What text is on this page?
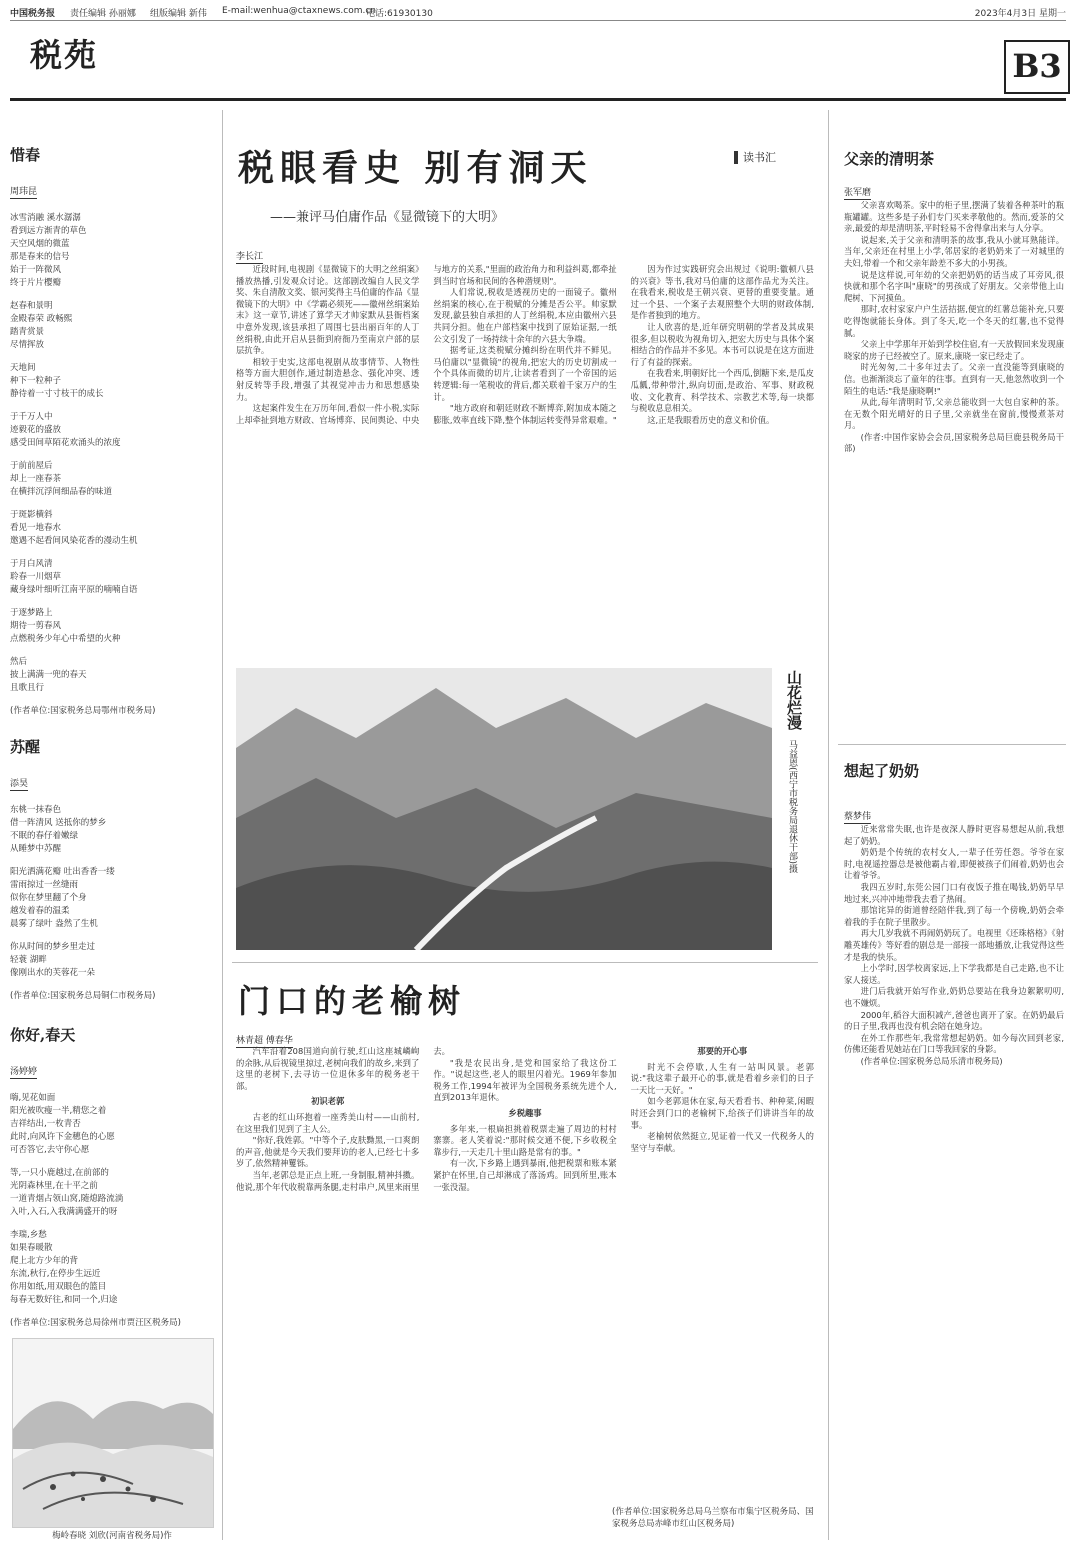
中国税务报 责任编辑 孙丽娜 组版编辑 新伟 E-mail:wenhua@ctaxnews.com.cn
电话:61930130	2023年4月3日 星期一
税苑	B3
惜春
周玮昆
冰雪消融 溪水潺潺
看到远方渐青的草色
天空风烟的微蓝
那是春来的信号
始于一阵微风
终于片片樱瓣
赵春和景明
金殿春荣 政畅熙
踏青赏景
尽情挥放
天地间
种下一粒种子
静待着一寸寸枝干的成长
于千万人中
迹毅花的盛放
感受田间草陌花欢涌头的浓度
于前前屋后
却上一座春茶
在横拌沉浮间细品春的味道
于斑影横斜
看见一地春水
邀遇不起看间风染花香的漫动生机
于月白风清
聆春一川烟草
藏身绿叶细听江南平原的喃喃自语
于逐梦路上
期待一剪春风
点燃税务少年心中希望的火种
然后
披上满满一兜的春天
且歌且行
(作者单位:国家税务总局鄂州市税务局)
苏醒
添昊
东桃一抹春色
借一阵清风 送抵你的梦乡
不眠的春仔着嫩绿
从睡梦中苏醒
阳光洒满花瓣 吐出香香一缕
雷雨掠过一丝缝雨
似你在梦里翻了个身
越发着春的温柔
晨雾了绿叶 盎然了生机
你从时间的梦乡里走过
轻蓑 湖畔
像刚出水的芙蓉花一朵
(作者单位:国家税务总局铜仁市税务局)
你好,春天
汤婷婷
嗨,见花如面
阳光被吹瘦一半,精您之着
吉祥结出,一枚青否
此时,向风许下金穗色的心愿
可否答它,去守你心愿
等,一只小鹿越过,在前部的
光阴森林里,在十平之前
一道青烟占领山窝,随熄路流淌
入叶,入石,入我满满盛开的呀
李瑞,乡愁
如果春暖散
爬上北方少年的背
东流,秋行,在停步生远近
你用如纸,用双眼色的篮目
每春无数好往,和同一个,归途
(作者单位:国家税务总局徐州市贾汪区税务局)
梅岭春晓 刘欣(河南省税务局)作
读书汇
税眼看史 别有洞天
——兼评马伯庸作品《显微镜下的大明》
李长江

近段时间,电视剧《显微镜下的大明之丝绢案》播放热播,引发观众讨论。这部剧改编自人民文学奖、朱自清散文奖、银河奖得主马伯庸的作品《显微镜下的大明》中《学霸必须死——徽州丝绢案始末》这一章节,讲述了算学天才帅家默从县衙档案中意外发现,该县承担了周围七县出丽百年的人丁丝绢税,由此开启从县衙到府衙乃至南京户部的层层抗争。

相较于史实,这部电视剧从故事情节、人物性格等方面大胆创作,通过制造悬念、强化冲突、透射反转等手段,增强了其视觉冲击力和思想感染力。

这起案件发生在万历年间,看似一件小税,实际上却牵扯到地方财政、官场博弈、民间舆论、中央与地方的关系,"里面的政治角力和利益纠葛,都牵扯到当时官场和民间的各种潜规则"。

人们常说,税收是透视历史的一面镜子。徽州丝绢案的核心,在于税赋的分摊是否公平。帅家默发现,歙县独自承担的人丁丝绢税,本应由徽州六县共同分担。他在户部档案中找到了原始证据,一纸公文引发了一场持续十余年的六县大争端。

据考证,这类税赋分摊纠纷在明代并不鲜见。马伯庸以"显微镜"的视角,把宏大的历史切割成一个个具体而微的切片,让读者看到了一个帝国的运转逻辑:每一笔税收的背后,都关联着千家万户的生计。

"地方政府和朝廷财政不断博弈,附加成本随之膨胀,效率直线下降,整个体制运转变得异常艰难。"

因为作过实践研究会出规过《说明:徽顿八县的兴衰》等书,我对马伯庸的这部作品尤为关注。在我看来,税收是王朝兴衰、更替的重要变量。通过一个县、一个案子去观照整个大明的财政体制,是作者独到的地方。

让人欣喜的是,近年研究明朝的学者及其成果很多,但以税收为视角切入,把宏大历史与具体个案相结合的作品并不多见。本书可以说是在这方面进行了有益的探索。

在我看来,明朝好比一个西瓜,倒糖下来,是瓜皮瓜瓤,带种带汁,纵向切面,是政治、军事、财政税收、文化教育、科学技术、宗教艺术等,每一块都与税收息息相关。

这,正是我眼看历史的意义和价值。

山花烂漫
马益恩(西宁市税务局退休干部)摄
门口的老榆树
林青超 傅春华

汽车沿着208国道向前行驶,红山这座城嶙峋的余脉,从后视镜里掠过,老树向我们的故乡,来到了这里的老树下,去寻访一位退休多年的税务老干部。

初识老郭

古老的红山环抱着一座秀美山村——山前村,在这里我们见到了主人公。

"你好,我姓郭。"中等个子,皮肤黝黑,一口爽朗的声音,他就是今天我们要拜访的老人,已经七十多岁了,依然精神矍铄。

当年,老郭总是正点上班,一身制服,精神抖擞。他说,那个年代收税靠两条腿,走村串户,风里来雨里去。

"我是农民出身,是党和国家给了我这份工作。"说起这些,老人的眼里闪着光。1969年参加税务工作,1994年被评为全国税务系统先进个人,直到2013年退休。

乡税趣事

多年来,一根扁担挑着税票走遍了周边的村村寨寨。老人笑着说:"那时候交通不便,下乡收税全靠步行,一天走几十里山路是常有的事。"

有一次,下乡路上遇到暴雨,他把税票和账本紧紧护在怀里,自己却淋成了落汤鸡。回到所里,账本一张没湿。

那要的开心事

时光不会停歇,人生有一站叫风景。老郭说:"我这辈子最开心的事,就是看着乡亲们的日子一天比一天好。"

如今老郭退休在家,每天看看书、种种菜,闲暇时还会到门口的老榆树下,给孩子们讲讲当年的故事。

老榆树依然挺立,见证着一代又一代税务人的坚守与奉献。

(作者单位:国家税务总局乌兰察布市集宁区税务局、国家税务总局赤峰市红山区税务局)
父亲的清明茶
张军磨

父亲喜欢喝茶。家中的柜子里,摆满了装着各种茶叶的瓶瓶罐罐。这些多是子孙们专门买来孝敬他的。然而,爱茶的父亲,最爱的却是清明茶,平时轻易不舍得拿出来与人分享。

说起来,关于父亲和清明茶的故事,我从小就耳熟能详。当年,父亲还在村里上小学,邻居家的老奶奶来了一对城里的夫妇,带着一个和父亲年龄差不多大的小男孩。

说是这样说,可年幼的父亲把奶奶的话当成了耳旁风,很快就和那个名字叫"康晓"的男孩成了好朋友。父亲带他上山爬树、下河摸鱼。

那时,农村家家户户生活拮据,便宜的红薯总能补充,只要吃得饱就能长身体。到了冬天,吃一个冬天的红薯,也不觉得腻。

父亲上中学那年开始到学校住宿,有一天放假回来发现康晓家的房子已经被空了。原来,康晓一家已经走了。

时光匆匆,二十多年过去了。父亲一直没能等到康晓的信。也渐渐淡忘了童年的往事。直到有一天,他忽然收到一个陌生的电话:"我是康晓啊!"

从此,每年清明时节,父亲总能收到一大包自家种的茶。在无数个阳光晴好的日子里,父亲就坐在窗前,慢慢煮茶对月。

(作者:中国作家协会会员,国家税务总局巨鹿县税务局干部)

想起了奶奶
蔡梦伟

近来常常失眠,也许是夜深人静时更容易想起从前,我想起了奶奶。

奶奶是个传统的农村女人,一辈子任劳任怨。爷爷在家时,电视遥控器总是被他霸占着,即便被孩子们闹着,奶奶也会让着爷爷。

我四五岁时,东莞公园门口有夜饭子推在喝钱,奶奶早早地过来,兴冲冲地带我去看了热闹。

那馆诧异的街道曾经陪伴我,到了每一个傍晚,奶奶会牵着我的手在院子里散步。

再大几岁我就不再闹奶奶玩了。电视里《还珠格格》《射雕英雄传》等好看的剧总是一部接一部地播放,让我觉得这些才是我的快乐。

上小学时,因学校离家远,上下学我都是自己走路,也不让家人接送。

进门后我就开始写作业,奶奶总要站在我身边絮絮叨叨,也不嫌烦。

2000年,稻谷大面积减产,爸爸也离开了家。在奶奶最后的日子里,我再也没有机会陪在她身边。

在外工作那些年,我常常想起奶奶。如今每次回到老家,仿佛还能看见她站在门口等我回家的身影。

(作者单位:国家税务总局乐清市税务局)
